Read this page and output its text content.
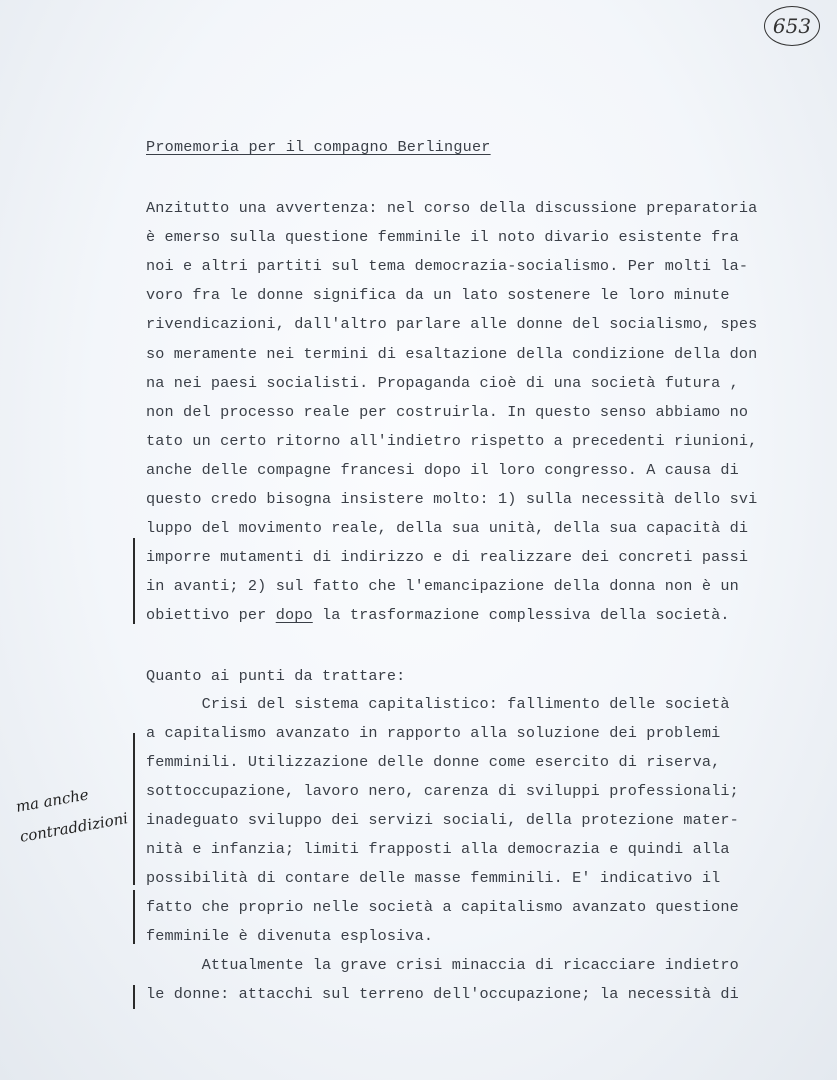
653
Promemoria per il compagno Berlinguer
Anzitutto una avvertenza: nel corso della discussione preparatoria
è emerso sulla questione femminile il noto divario esistente fra
noi e altri partiti sul tema democrazia-socialismo. Per molti la-
voro fra le donne significa da un lato sostenere le loro minute
rivendicazioni, dall'altro parlare alle donne del socialismo, spes
so meramente nei termini di esaltazione della condizione della don
na nei paesi socialisti. Propaganda cioè di una società futura ,
non del processo reale per costruirla. In questo senso abbiamo no
tato un certo ritorno all'indietro rispetto a precedenti riunioni,
anche delle compagne francesi dopo il loro congresso. A causa di
questo credo bisogna insistere molto: 1) sulla necessità dello svi
luppo del movimento reale, della sua unità, della sua capacità di
imporre mutamenti di indirizzo e di realizzare dei concreti passi
in avanti; 2) sul fatto che l'emancipazione della donna non è un
obiettivo per dopo la trasformazione complessiva della società.
Quanto ai punti da trattare:
Crisi del sistema capitalistico: fallimento delle società
a capitalismo avanzato in rapporto alla soluzione dei problemi
femminili. Utilizzazione delle donne come esercito di riserva,
sottoccupazione, lavoro nero, carenza di sviluppi professionali;
inadeguato sviluppo dei servizi sociali, della protezione mater-
nità e infanzia; limiti frapposti alla democrazia e quindi alla
possibilità di contare delle masse femminili. E' indicativo il
fatto che proprio nelle società a capitalismo avanzato questione
femminile è divenuta esplosiva.
Attualmente la grave crisi minaccia di ricacciare indietro
le donne: attacchi sul terreno dell'occupazione; la necessità di
ma anche
contraddizioni
